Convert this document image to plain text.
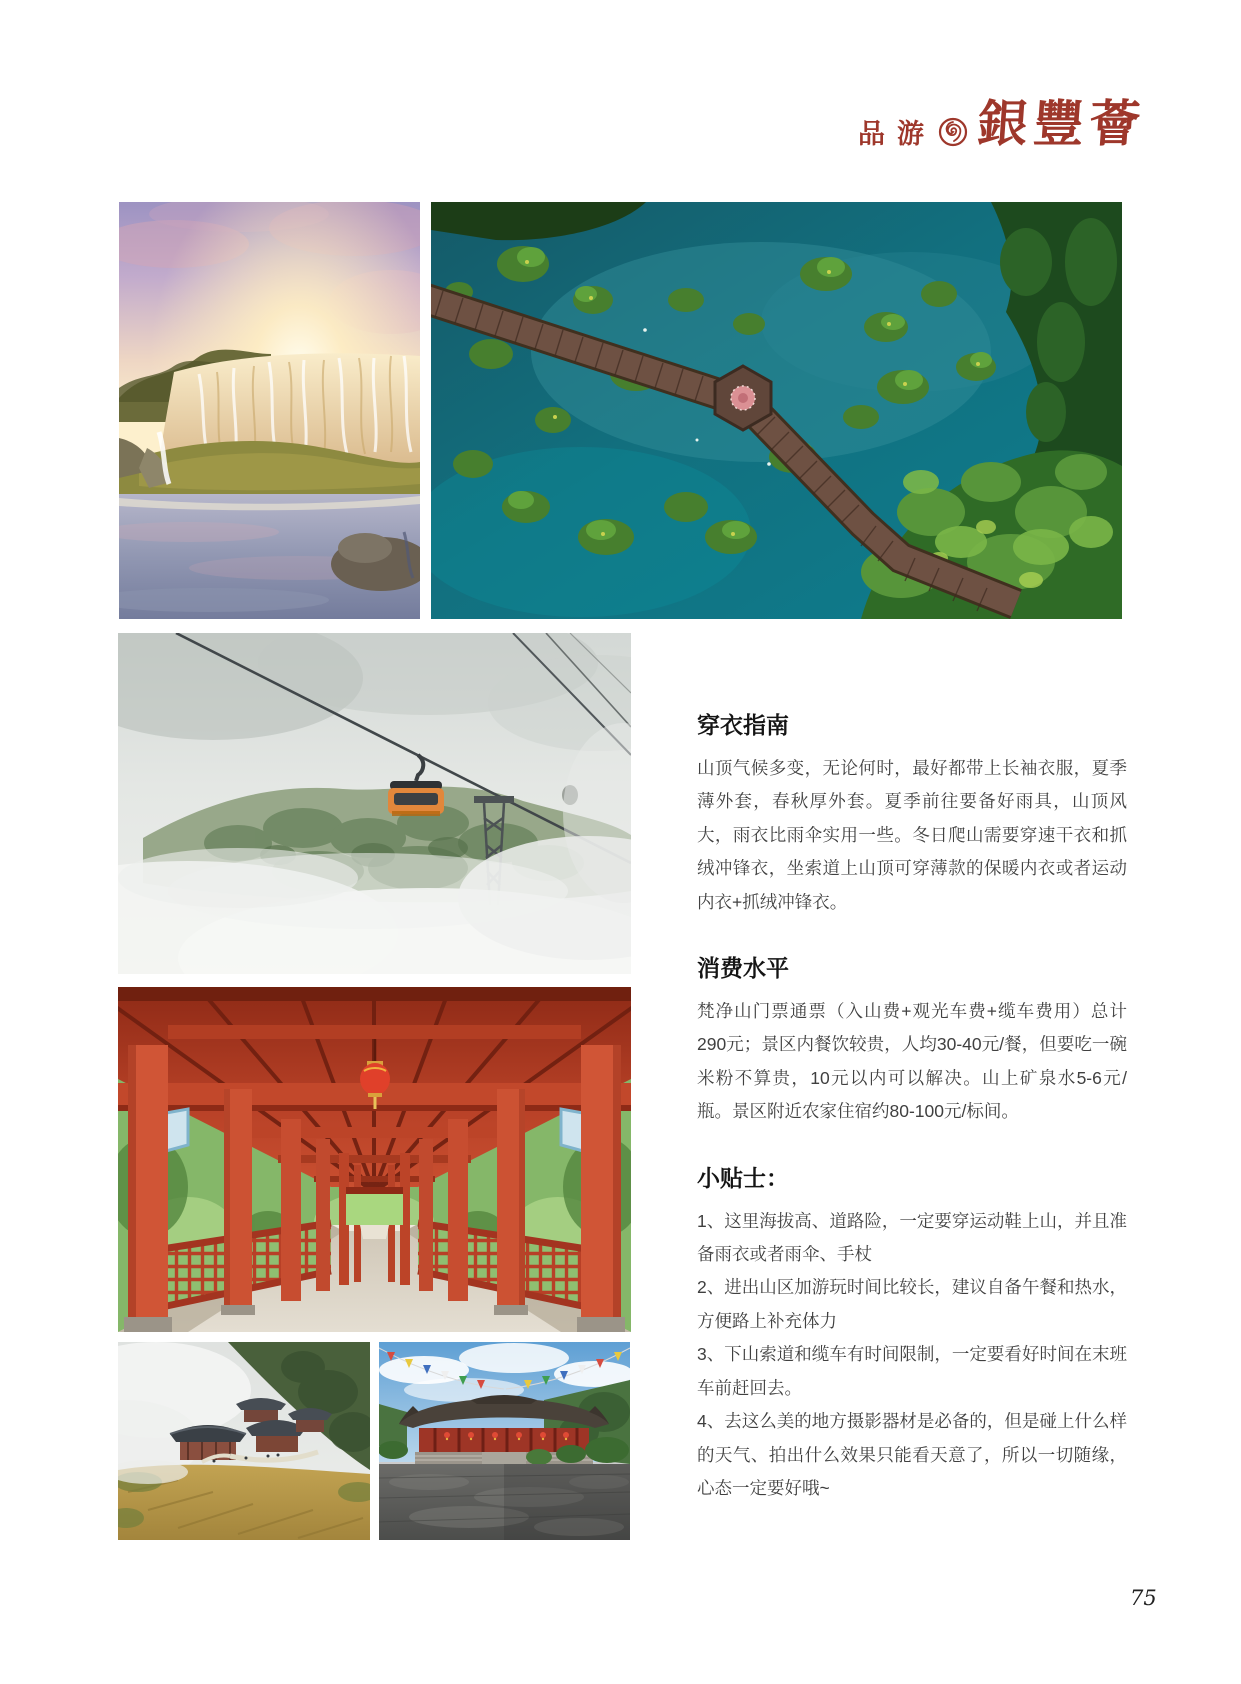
品游 銀豐薈
穿衣指南

山顶气候多变，无论何时，最好都带上长袖衣服，夏季薄外套，春秋厚外套。夏季前往要备好雨具，山顶风大，雨衣比雨伞实用一些。冬日爬山需要穿速干衣和抓绒冲锋衣，坐索道上山顶可穿薄款的保暖内衣或者运动内衣+抓绒冲锋衣。

消费水平

梵净山门票通票（入山费+观光车费+缆车费用）总计290元；景区内餐饮较贵，人均30-40元/餐，但要吃一碗米粉不算贵，10元以内可以解决。山上矿泉水5-6元/瓶。景区附近农家住宿约80-100元/标间。

小贴士：

1、这里海拔高、道路险，一定要穿运动鞋上山，并且准备雨衣或者雨伞、手杖

2、进出山区加游玩时间比较长，建议自备午餐和热水，方便路上补充体力

3、下山索道和缆车有时间限制，一定要看好时间在末班车前赶回去。

4、去这么美的地方摄影器材是必备的，但是碰上什么样的天气、拍出什么效果只能看天意了，所以一切随缘，心态一定要好哦~

75
